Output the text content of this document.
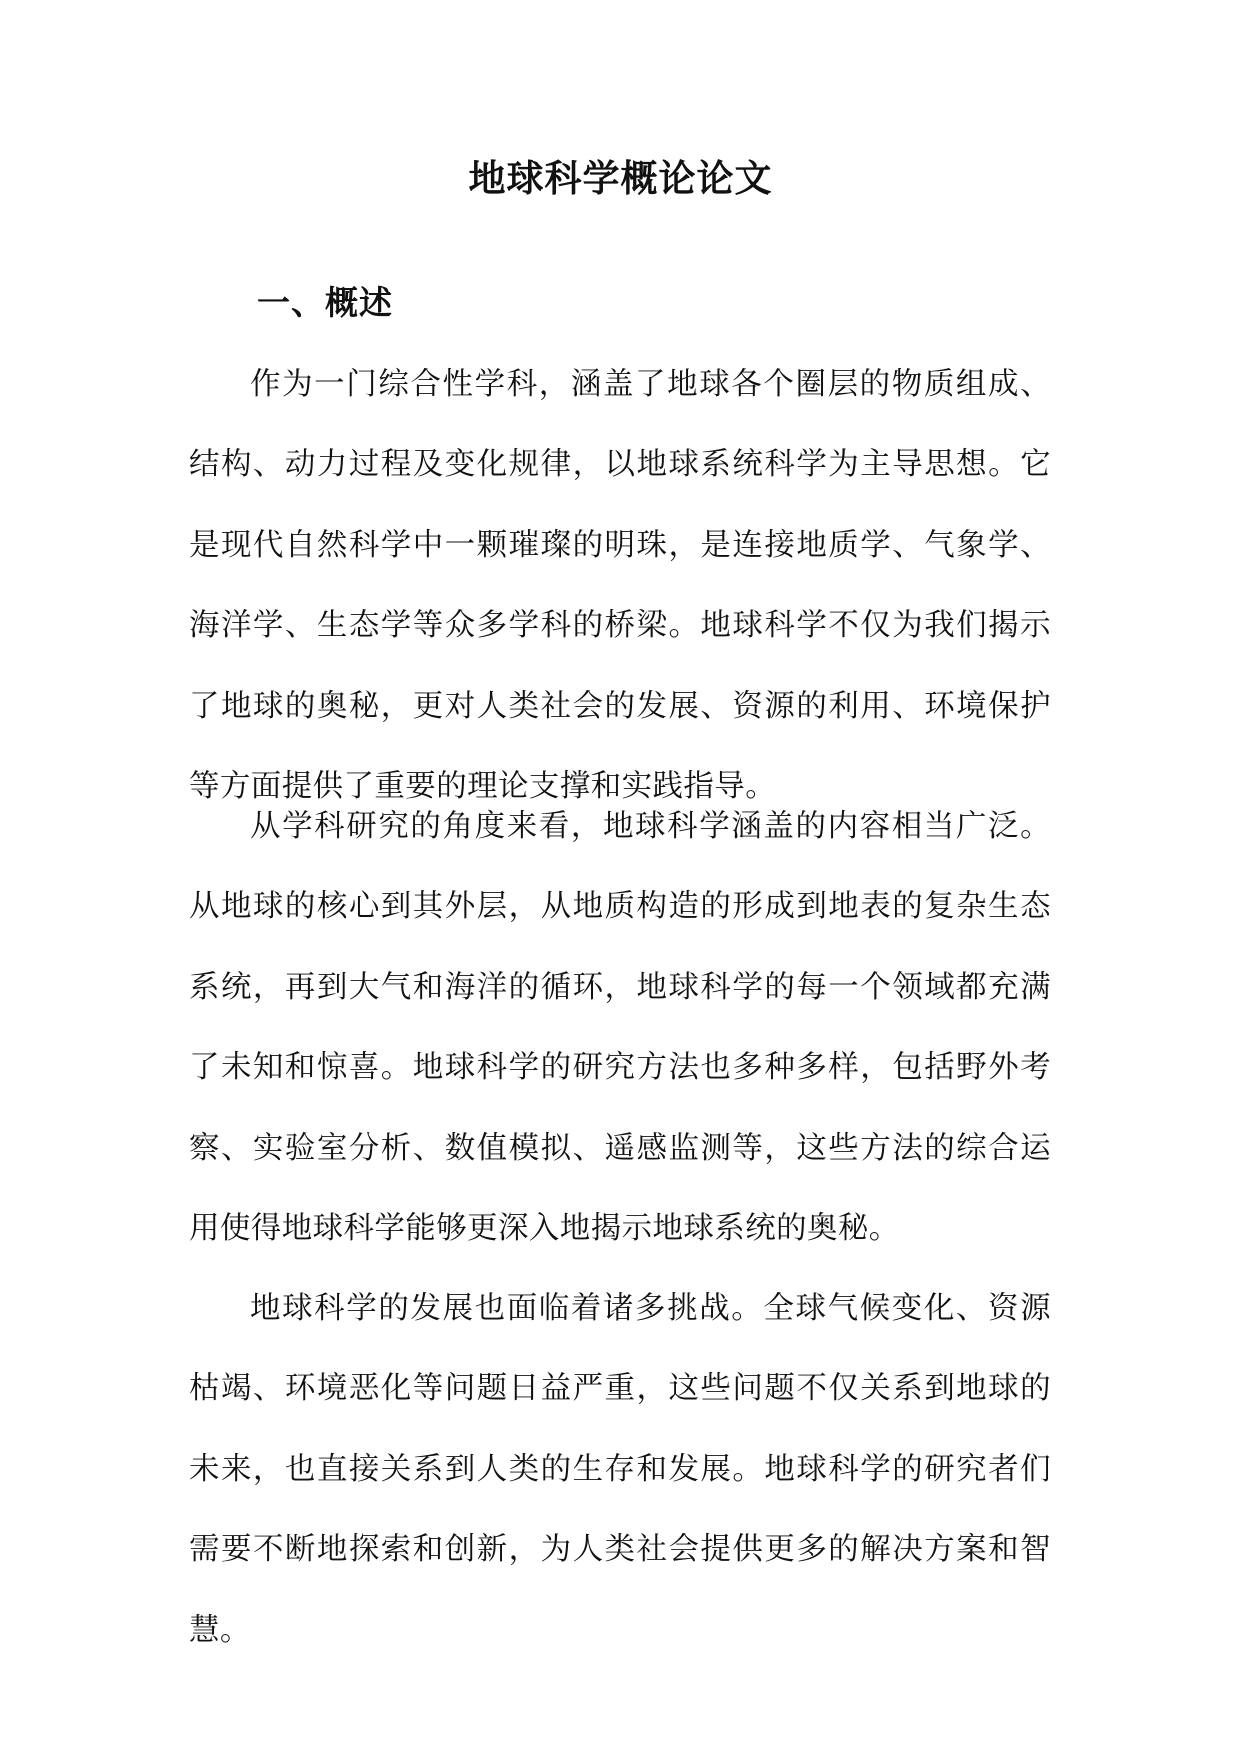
地球科学概论论文
一、概述

作为一门综合性学科，涵盖了地球各个圈层的物质组成、结构、动力过程及变化规律，以地球系统科学为主导思想。它是现代自然科学中一颗璀璨的明珠，是连接地质学、气象学、海洋学、生态学等众多学科的桥梁。地球科学不仅为我们揭示了地球的奥秘，更对人类社会的发展、资源的利用、环境保护等方面提供了重要的理论支撑和实践指导。

从学科研究的角度来看，地球科学涵盖的内容相当广泛。从地球的核心到其外层，从地质构造的形成到地表的复杂生态系统，再到大气和海洋的循环，地球科学的每一个领域都充满了未知和惊喜。地球科学的研究方法也多种多样，包括野外考察、实验室分析、数值模拟、遥感监测等，这些方法的综合运用使得地球科学能够更深入地揭示地球系统的奥秘。

地球科学的发展也面临着诸多挑战。全球气候变化、资源枯竭、环境恶化等问题日益严重，这些问题不仅关系到地球的未来，也直接关系到人类的生存和发展。地球科学的研究者们需要不断地探索和创新，为人类社会提供更多的解决方案和智慧。
